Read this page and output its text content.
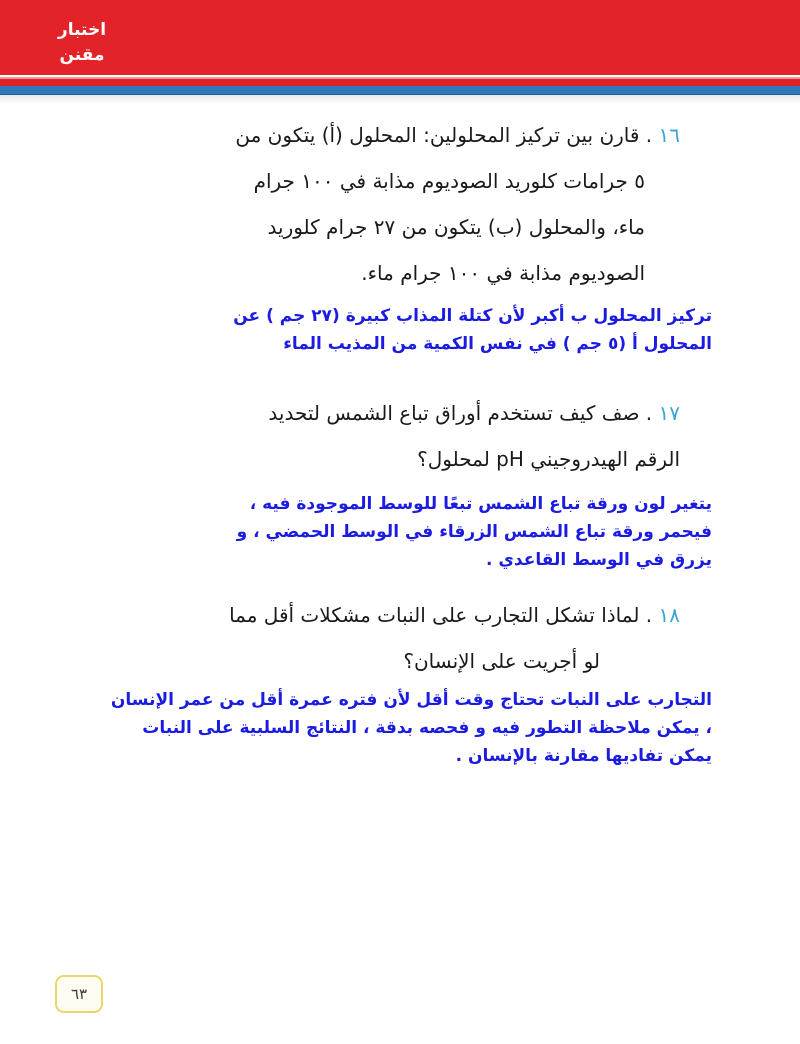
اختبار
مقنن
١٦ . قارن بين تركيز المحلولين: المحلول (أ) يتكون من
٥ جرامات كلوريد الصوديوم مذابة في ١٠٠ جرام
ماء، والمحلول (ب) يتكون من ٢٧ جرام كلوريد
الصوديوم مذابة في ١٠٠ جرام ماء.
تركيز المحلول ب أكبر لأن كتلة المذاب كبيرة (٢٧ جم ) عن
المحلول أ (٥ جم ) في نفس الكمية من المذيب الماء
١٧ . صف كيف تستخدم أوراق تباع الشمس لتحديد
الرقم الهيدروجيني pH لمحلول؟
يتغير لون ورقة تباع الشمس تبعًا للوسط الموجودة فيه ،
فيحمر ورقة تباع الشمس الزرقاء في الوسط الحمضي ، و
يزرق في الوسط القاعدي .
١٨ . لماذا تشكل التجارب على النبات مشكلات أقل مما
لو أجريت على الإنسان؟
التجارب على النبات تحتاج وقت أقل لأن فتره عمرة أقل من عمر الإنسان
، يمكن ملاحظة التطور فيه و فحصه بدقة ، النتائج السلبية على النبات
يمكن تفاديها مقارنة بالإنسان .
٦٣
